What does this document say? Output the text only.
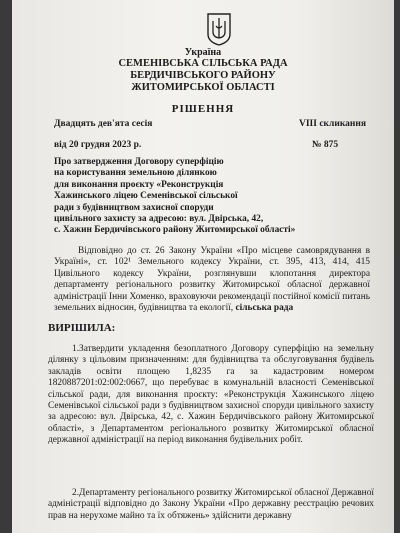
Україна
СЕМЕНІВСЬКА СІЛЬСЬКА РАДА
БЕРДИЧІВСЬКОГО РАЙОНУ
ЖИТОМИРСЬКОЇ ОБЛАСТІ
РІШЕННЯ
Двадцять дев'ята сесія	VIII скликання
від 20 грудня 2023 р.	№ 875
Про затвердження Договору суперфіцію
на користування земельною ділянкою
для виконання проєкту «Реконструкція
Хажинського ліцею Семенівської сільської
ради з будівництвом захисної споруди
цивільного захисту за адресою: вул. Двірська, 42,
с. Хажин Бердичівського району Житомирської області»
Відповідно до ст. 26 Закону України «Про місцеве самоврядування в Україні», ст. 102¹ Земельного кодексу України, ст. 395, 413, 414, 415 Цивільного кодексу України, розглянувши клопотання директора департаменту регіонального розвитку Житомирської обласної державної адміністрації Інни Хоменко, враховуючи рекомендації постійної комісії питань земельних відносин, будівництва та екології, сільська рада
ВИРІШИЛА:
1.Затвердити укладення безоплатного Договору суперфіцію на земельну ділянку з цільовим призначенням: для будівництва та обслуговування будівель закладів освіти площею 1,8235 га за кадастровим номером 1820887201:02:002:0667, що перебуває в комунальній власності Семенівської сільської ради, для виконання проєкту: «Реконструкція Хажинського ліцею Семенівської сільської ради з будівництвом захисної споруди цивільного захисту за адресою: вул. Двірська, 42, с. Хажин Бердичівського району Житомирської області», з Департаментом регіонального розвитку Житомирської обласної державної адміністрації на період виконання будівельних робіт.
2.Департаменту регіонального розвитку Житомирської обласної Державної адміністрації відповідно до Закону України «Про державну реєстрацію речових прав на нерухоме майно та їх обтяжень» здійснити державну
